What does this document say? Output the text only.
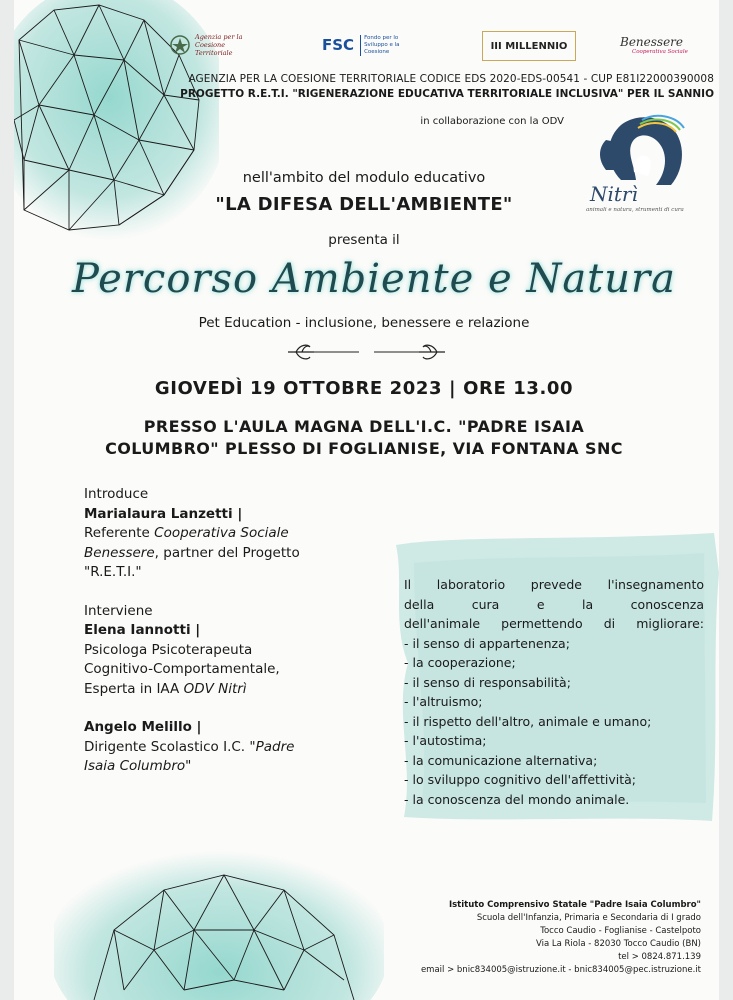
Agenzia per la Coesione Territoriale	FSC	Fondo per lo Sviluppo e la Coesione	III MILLENNIO	Benessere
Cooperativa Sociale
AGENZIA PER LA COESIONE TERRITORIALE CODICE EDS 2020-EDS-00541 - CUP E81I22000390008
PROGETTO R.E.T.I. "RIGENERAZIONE EDUCATIVA TERRITORIALE INCLUSIVA" PER IL SANNIO
in collaborazione con la ODV
Nitrì
animali e natura, strumenti di cura
nell'ambito del modulo educativo
"LA DIFESA DELL'AMBIENTE"
presenta il
Percorso Ambiente e Natura
Pet Education - inclusione, benessere e relazione
GIOVEDÌ 19 OTTOBRE 2023 | ORE 13.00
PRESSO L'AULA MAGNA DELL'I.C. "PADRE ISAIA
COLUMBRO" PLESSO DI FOGLIANISE, VIA FONTANA SNC
Introduce
Marialaura Lanzetti |
Referente Cooperativa Sociale
Benessere, partner del Progetto
"R.E.T.I."
Interviene
Elena Iannotti |
Psicologa Psicoterapeuta
Cognitivo-Comportamentale,
Esperta in IAA ODV Nitrì
Angelo Melillo |
Dirigente Scolastico I.C. "Padre
Isaia Columbro"
Il laboratorio prevede l'insegnamento
della cura e la conoscenza
dell'animale permettendo di migliorare:
- il senso di appartenenza;
- la cooperazione;
- il senso di responsabilità;
- l'altruismo;
- il rispetto dell'altro, animale e umano;
- l'autostima;
- la comunicazione alternativa;
- lo sviluppo cognitivo dell'affettività;
- la conoscenza del mondo animale.
Istituto Comprensivo Statale "Padre Isaia Columbro"
Scuola dell'Infanzia, Primaria e Secondaria di I grado
Tocco Caudio - Foglianise - Castelpoto
Via La Riola - 82030 Tocco Caudio (BN)
tel > 0824.871.139
email > bnic834005@istruzione.it - bnic834005@pec.istruzione.it
